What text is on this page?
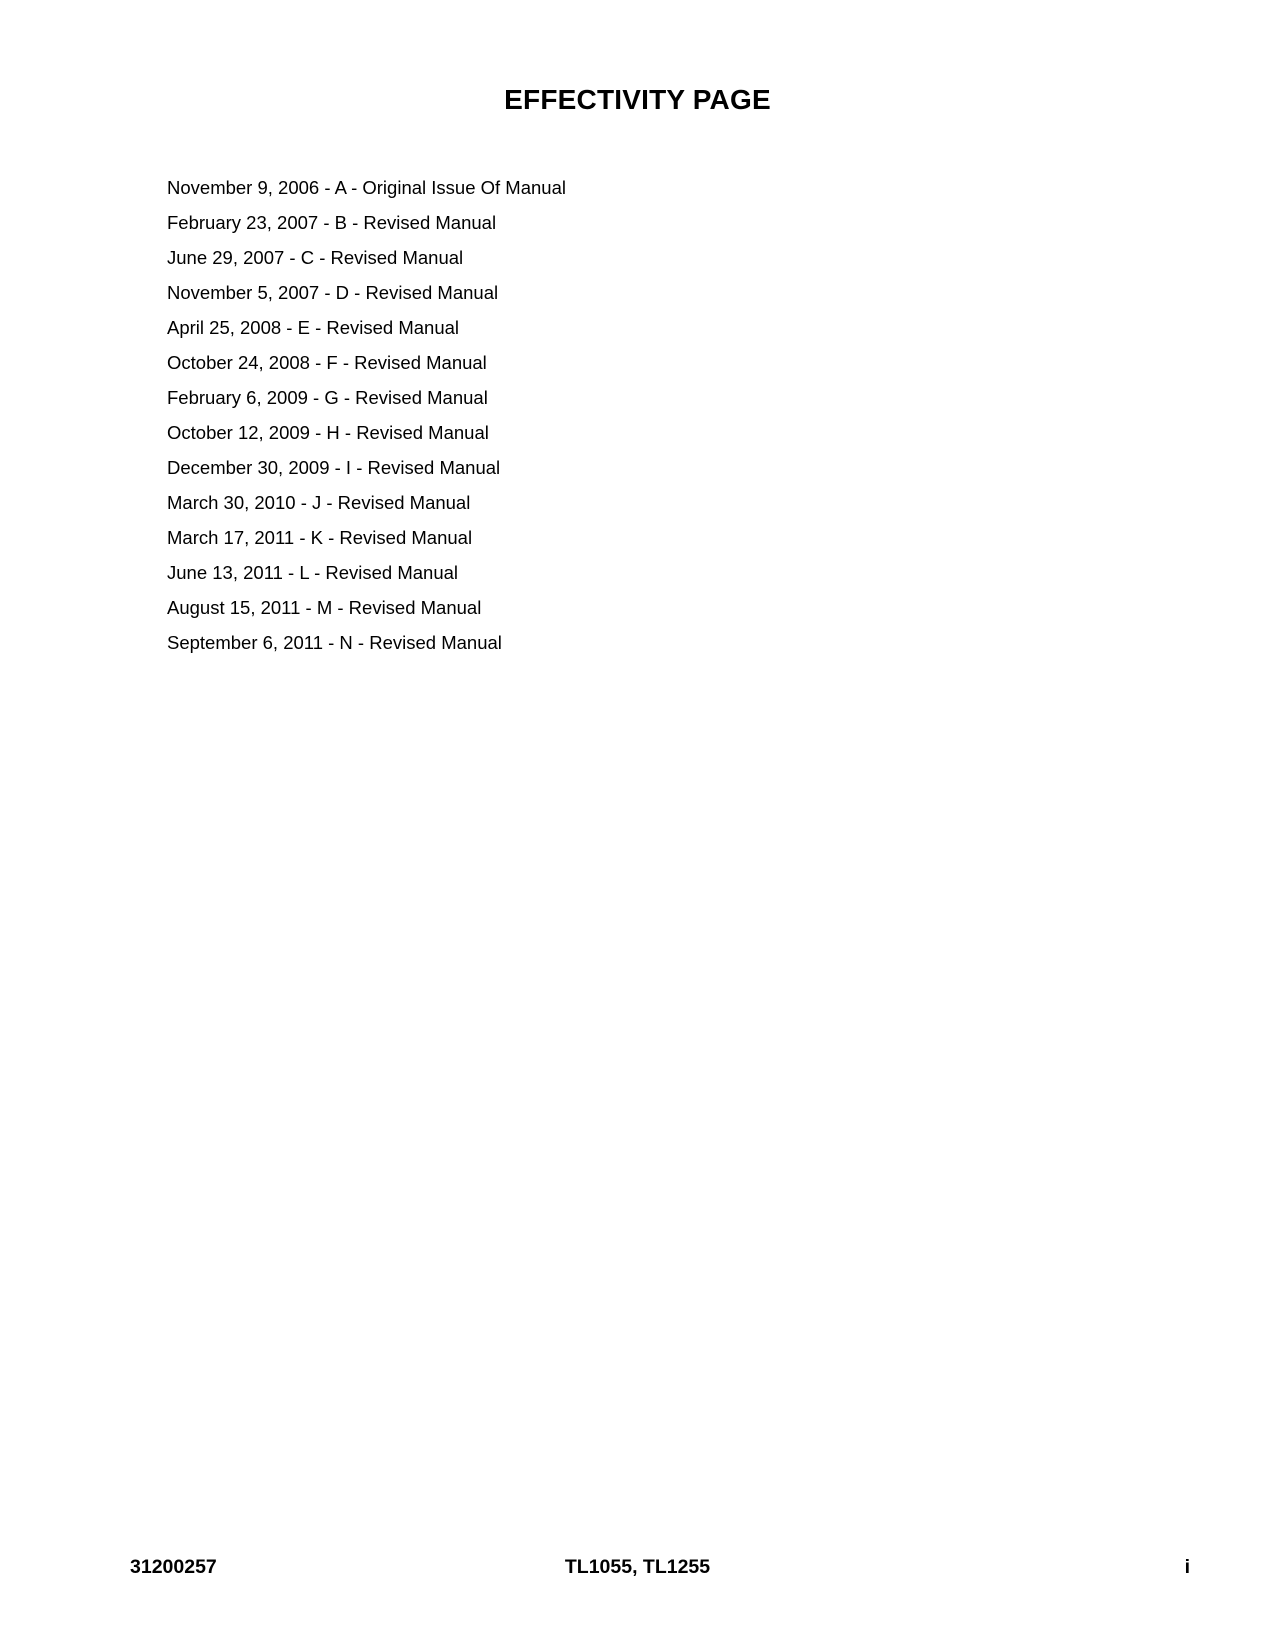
EFFECTIVITY PAGE
November 9, 2006 - A - Original Issue Of Manual
February 23, 2007 - B - Revised Manual
June 29, 2007 - C - Revised Manual
November 5, 2007 - D - Revised Manual
April 25, 2008 - E - Revised Manual
October 24, 2008 - F - Revised Manual
February 6, 2009 - G - Revised Manual
October 12, 2009 - H - Revised Manual
December 30, 2009 - I - Revised Manual
March 30, 2010 - J - Revised Manual
March 17, 2011 - K - Revised Manual
June 13, 2011 - L - Revised Manual
August 15, 2011 - M - Revised Manual
September 6, 2011 - N - Revised Manual
31200257	TL1055, TL1255	i
